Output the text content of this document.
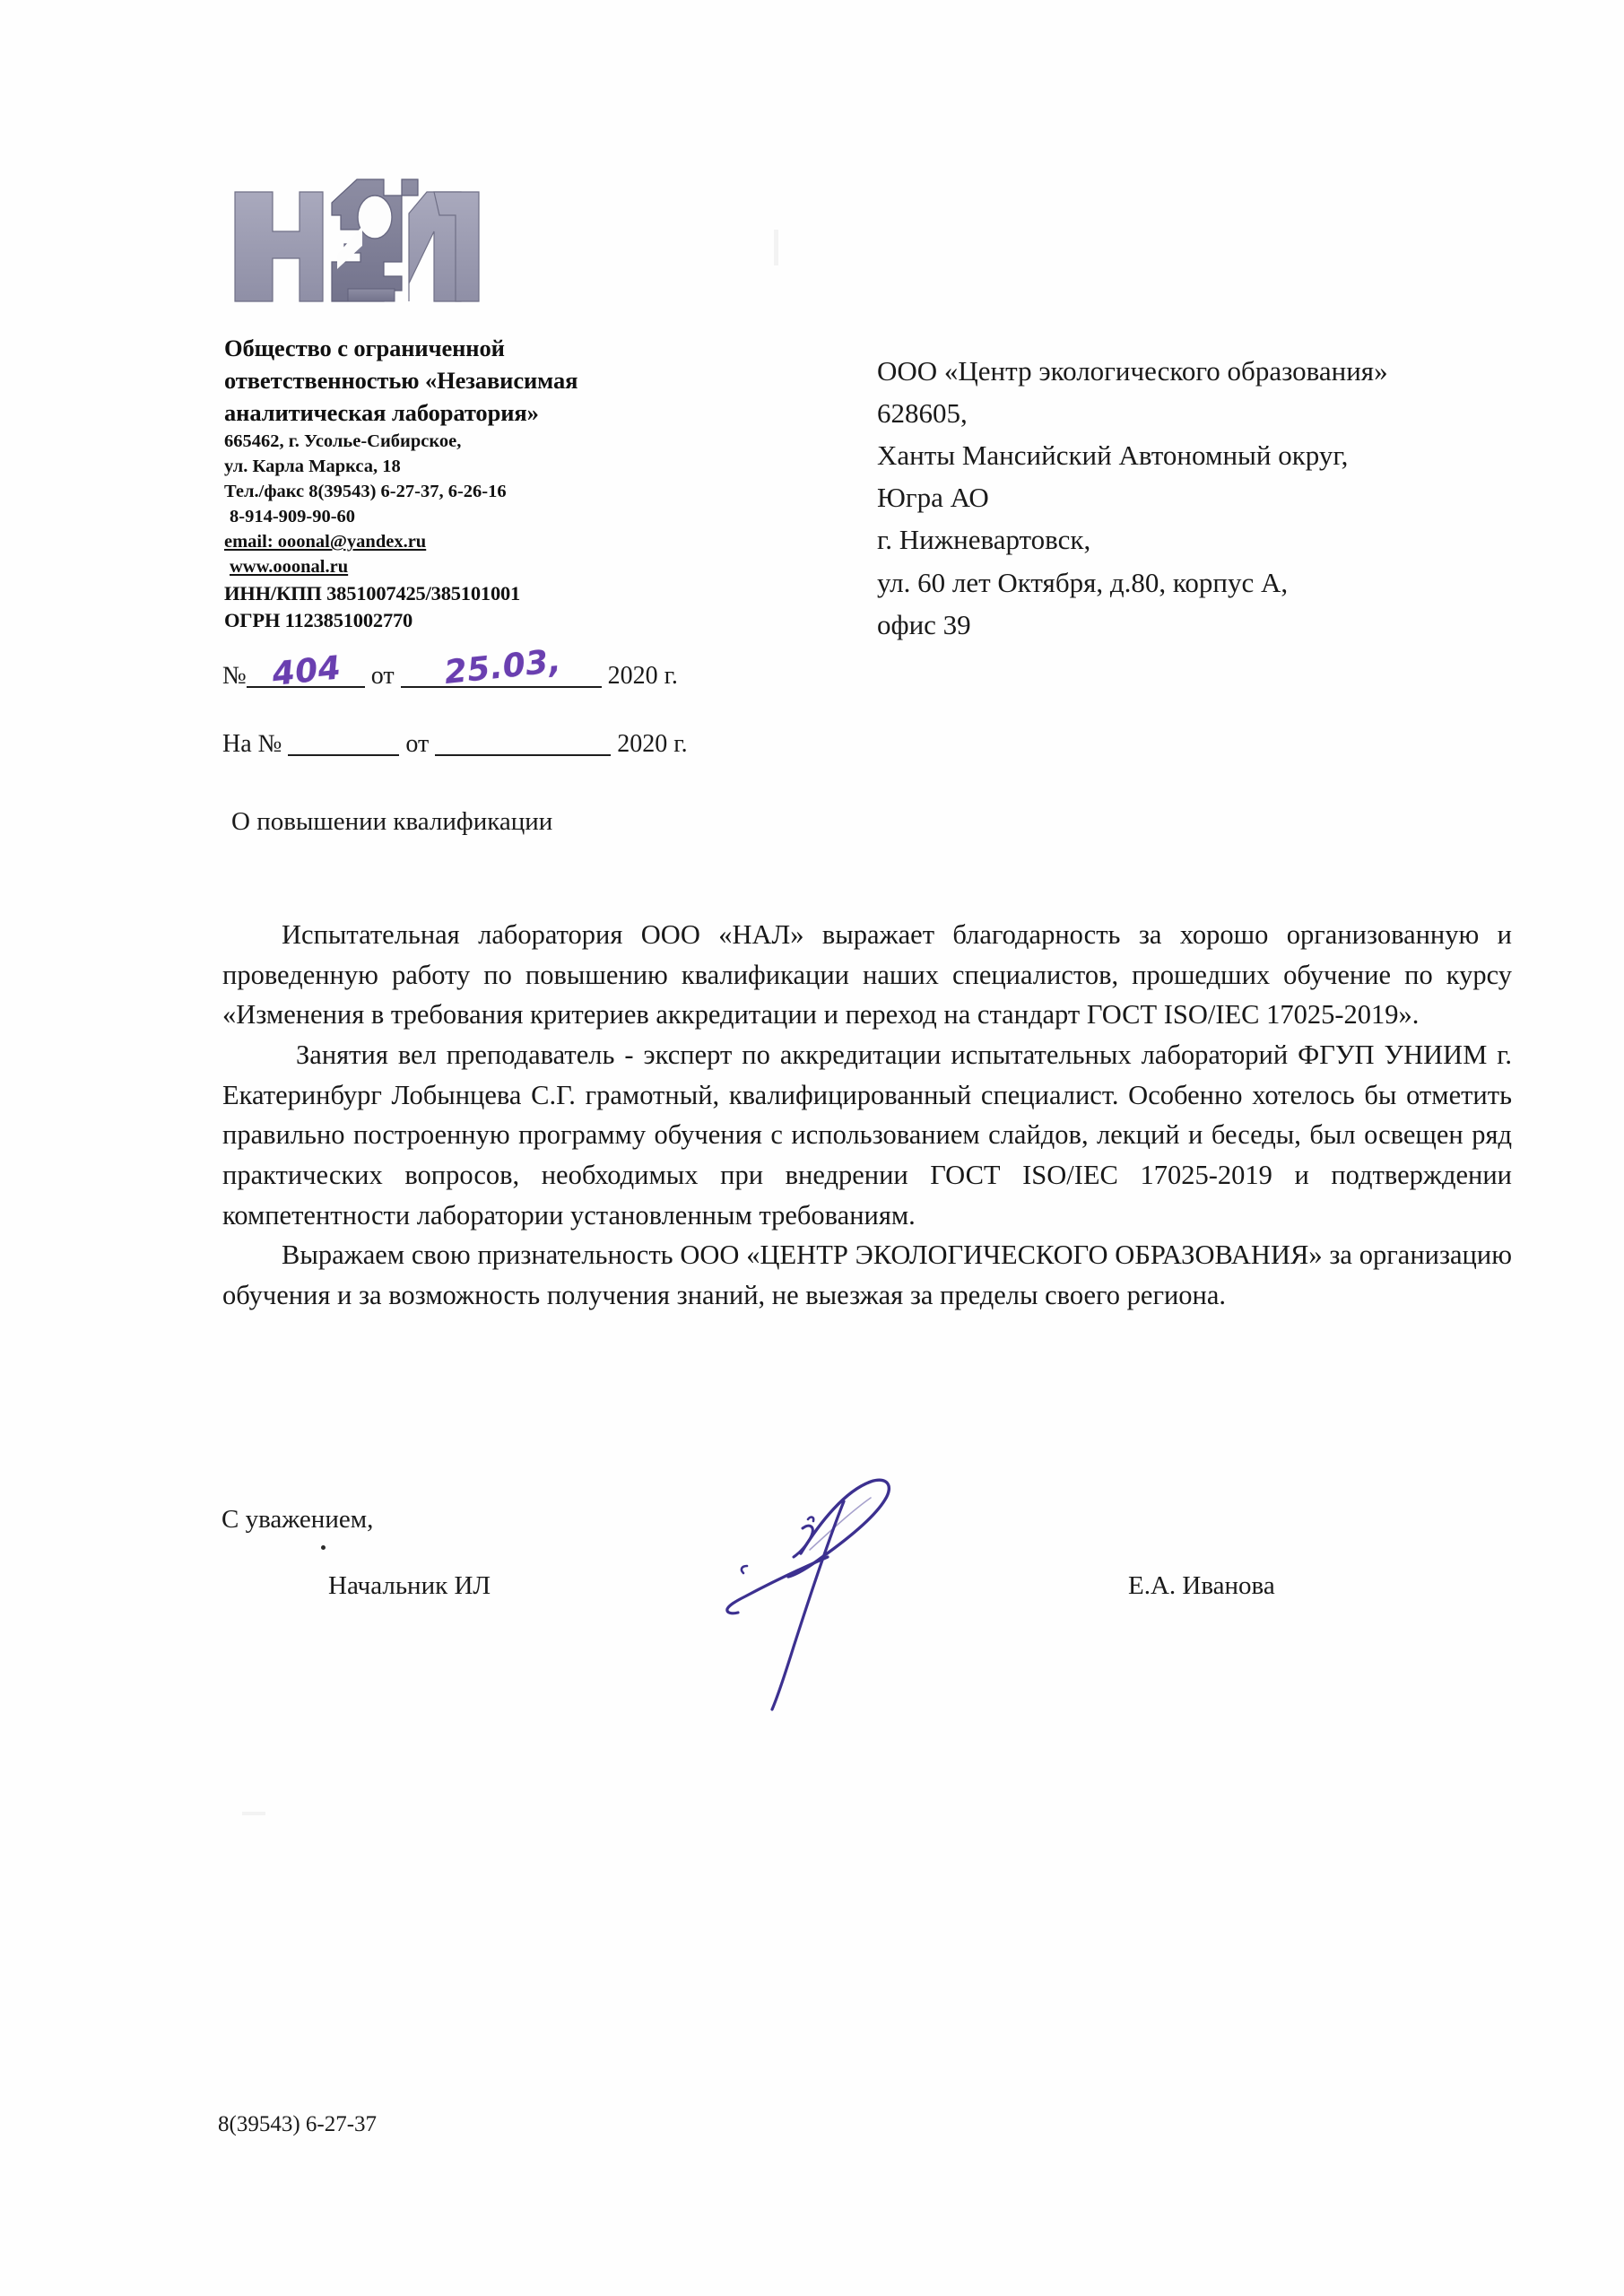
Общество с ограниченной
ответственностью «Независимая
аналитическая лаборатория»
665462, г. Усолье-Сибирское,
ул. Карла Маркса, 18
Тел./факс 8(39543) 6-27-37, 6-26-16
8-914-909-90-60
email: ooonal@yandex.ru
www.ooonal.ru
ИНН/КПП 3851007425/385101001
ОГРН 1123851002770
ООО «Центр экологического образования»
628605,
Ханты Мансийский Автономный округ,
Югра АО
г. Нижневартовск,
ул. 60 лет Октября, д.80, корпус А,
офис 39
№	от	2020 г.
404	25.03,
На №	от	2020 г.
О повышении квалификации

Испытательная лаборатория ООО «НАЛ» выражает благодарность за хорошо организованную и проведенную работу по повышению квалификации наших специалистов, прошедших обучение по курсу «Изменения в требования критериев аккредитации и переход на стандарт ГОСТ ISO/IEC 17025-2019».

Занятия вел преподаватель - эксперт по аккредитации испытательных лабораторий ФГУП УНИИМ г. Екатеринбург Лобынцева С.Г. грамотный, квалифицированный специалист. Особенно хотелось бы отметить правильно построенную программу обучения с использованием слайдов, лекций и беседы, был освещен ряд практических вопросов, необходимых при внедрении ГОСТ ISO/IEC 17025-2019 и подтверждении компетентности лаборатории установленным требованиям.

Выражаем свою признательность ООО «ЦЕНТР ЭКОЛОГИЧЕСКОГО ОБРАЗОВАНИЯ» за организацию обучения и за возможность получения знаний, не выезжая за пределы своего региона.

С уважением,
Начальник ИЛ	Е.А. Иванова
8(39543) 6-27-37
